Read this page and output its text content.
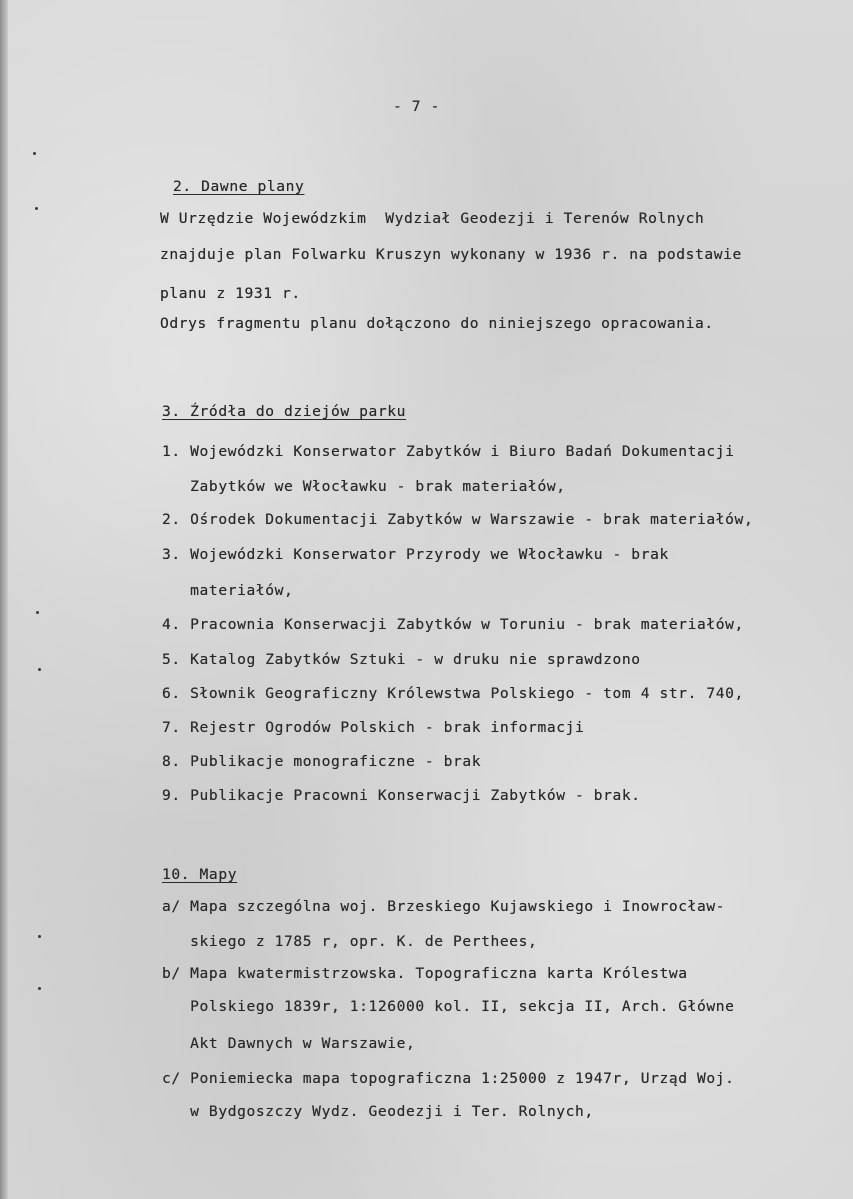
- 7 -
2. Dawne plany
W Urzędzie Wojewódzkim  Wydział Geodezji i Terenów Rolnych
znajduje plan Folwarku Kruszyn wykonany w 1936 r. na podstawie
planu z 1931 r.
Odrys fragmentu planu dołączono do niniejszego opracowania.
3. Źródła do dziejów parku
1. Wojewódzki Konserwator Zabytków i Biuro Badań Dokumentacji
Zabytków we Włocławku - brak materiałów,
2. Ośrodek Dokumentacji Zabytków w Warszawie - brak materiałów,
3. Wojewódzki Konserwator Przyrody we Włocławku - brak
materiałów,
4. Pracownia Konserwacji Zabytków w Toruniu - brak materiałów,
5. Katalog Zabytków Sztuki - w druku nie sprawdzono
6. Słownik Geograficzny Królewstwa Polskiego - tom 4 str. 740,
7. Rejestr Ogrodów Polskich - brak informacji
8. Publikacje monograficzne - brak
9. Publikacje Pracowni Konserwacji Zabytków - brak.
10. Mapy
a/ Mapa szczególna woj. Brzeskiego Kujawskiego i Inowrocław-
skiego z 1785 r, opr. K. de Perthees,
b/ Mapa kwatermistrzowska. Topograficzna karta Królestwa
Polskiego 1839r, 1:126000 kol. II, sekcja II, Arch. Główne
Akt Dawnych w Warszawie,
c/ Poniemiecka mapa topograficzna 1:25000 z 1947r, Urząd Woj.
w Bydgoszczy Wydz. Geodezji i Ter. Rolnych,
